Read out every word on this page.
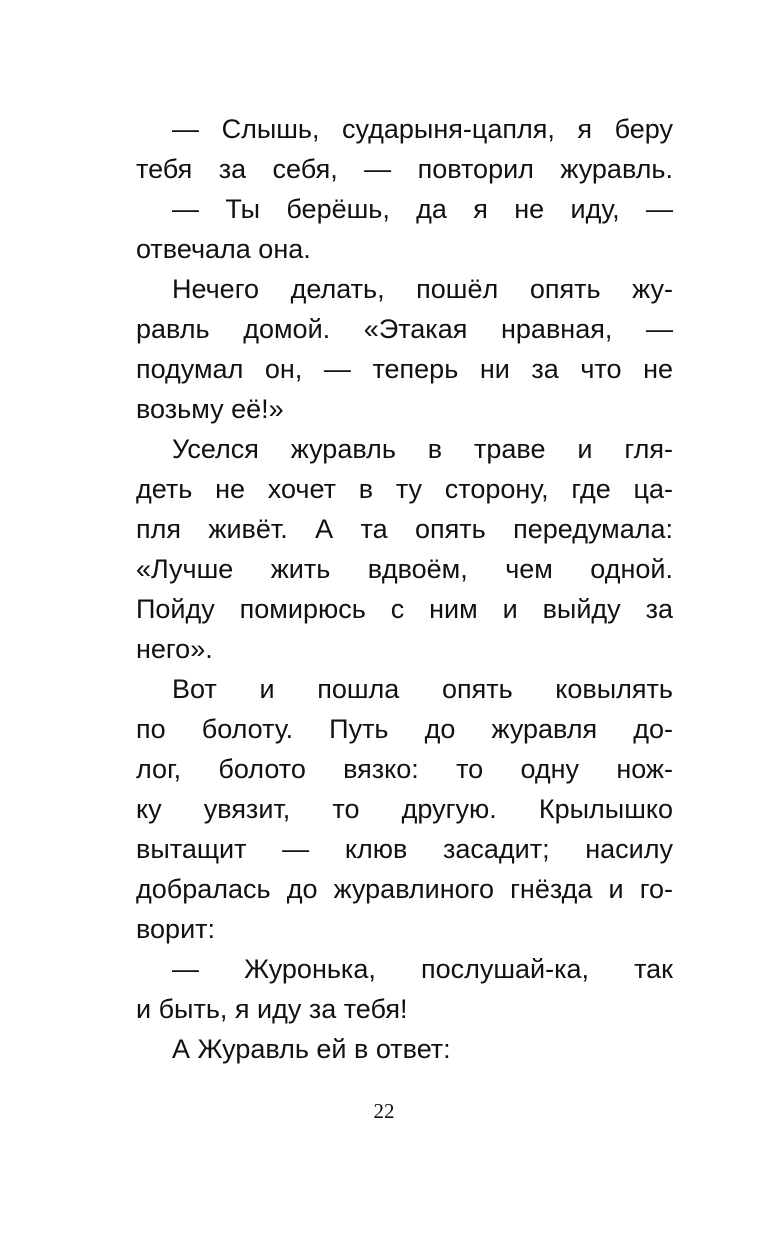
— Слышь, сударыня-цапля, я беру
тебя за себя, — повторил журавль.

— Ты берёшь, да я не иду, —
отвечала она.

Нечего делать, пошёл опять жу-
равль домой. «Этакая нравная, —
подумал он, — теперь ни за что не
возьму её!»

Уселся журавль в траве и гля-
деть не хочет в ту сторону, где ца-
пля живёт. А та опять передумала:
«Лучше жить вдвоём, чем одной.
Пойду помирюсь с ним и выйду за
него».

Вот и пошла опять ковылять
по болоту. Путь до журавля до-
лог, болото вязко: то одну нож-
ку увязит, то другую. Крылышко
вытащит — клюв засадит; насилу
добралась до журавлиного гнёзда и го-
ворит:

— Журонька, послушай-ка, так
и быть, я иду за тебя!

А Журавль ей в ответ:

22
